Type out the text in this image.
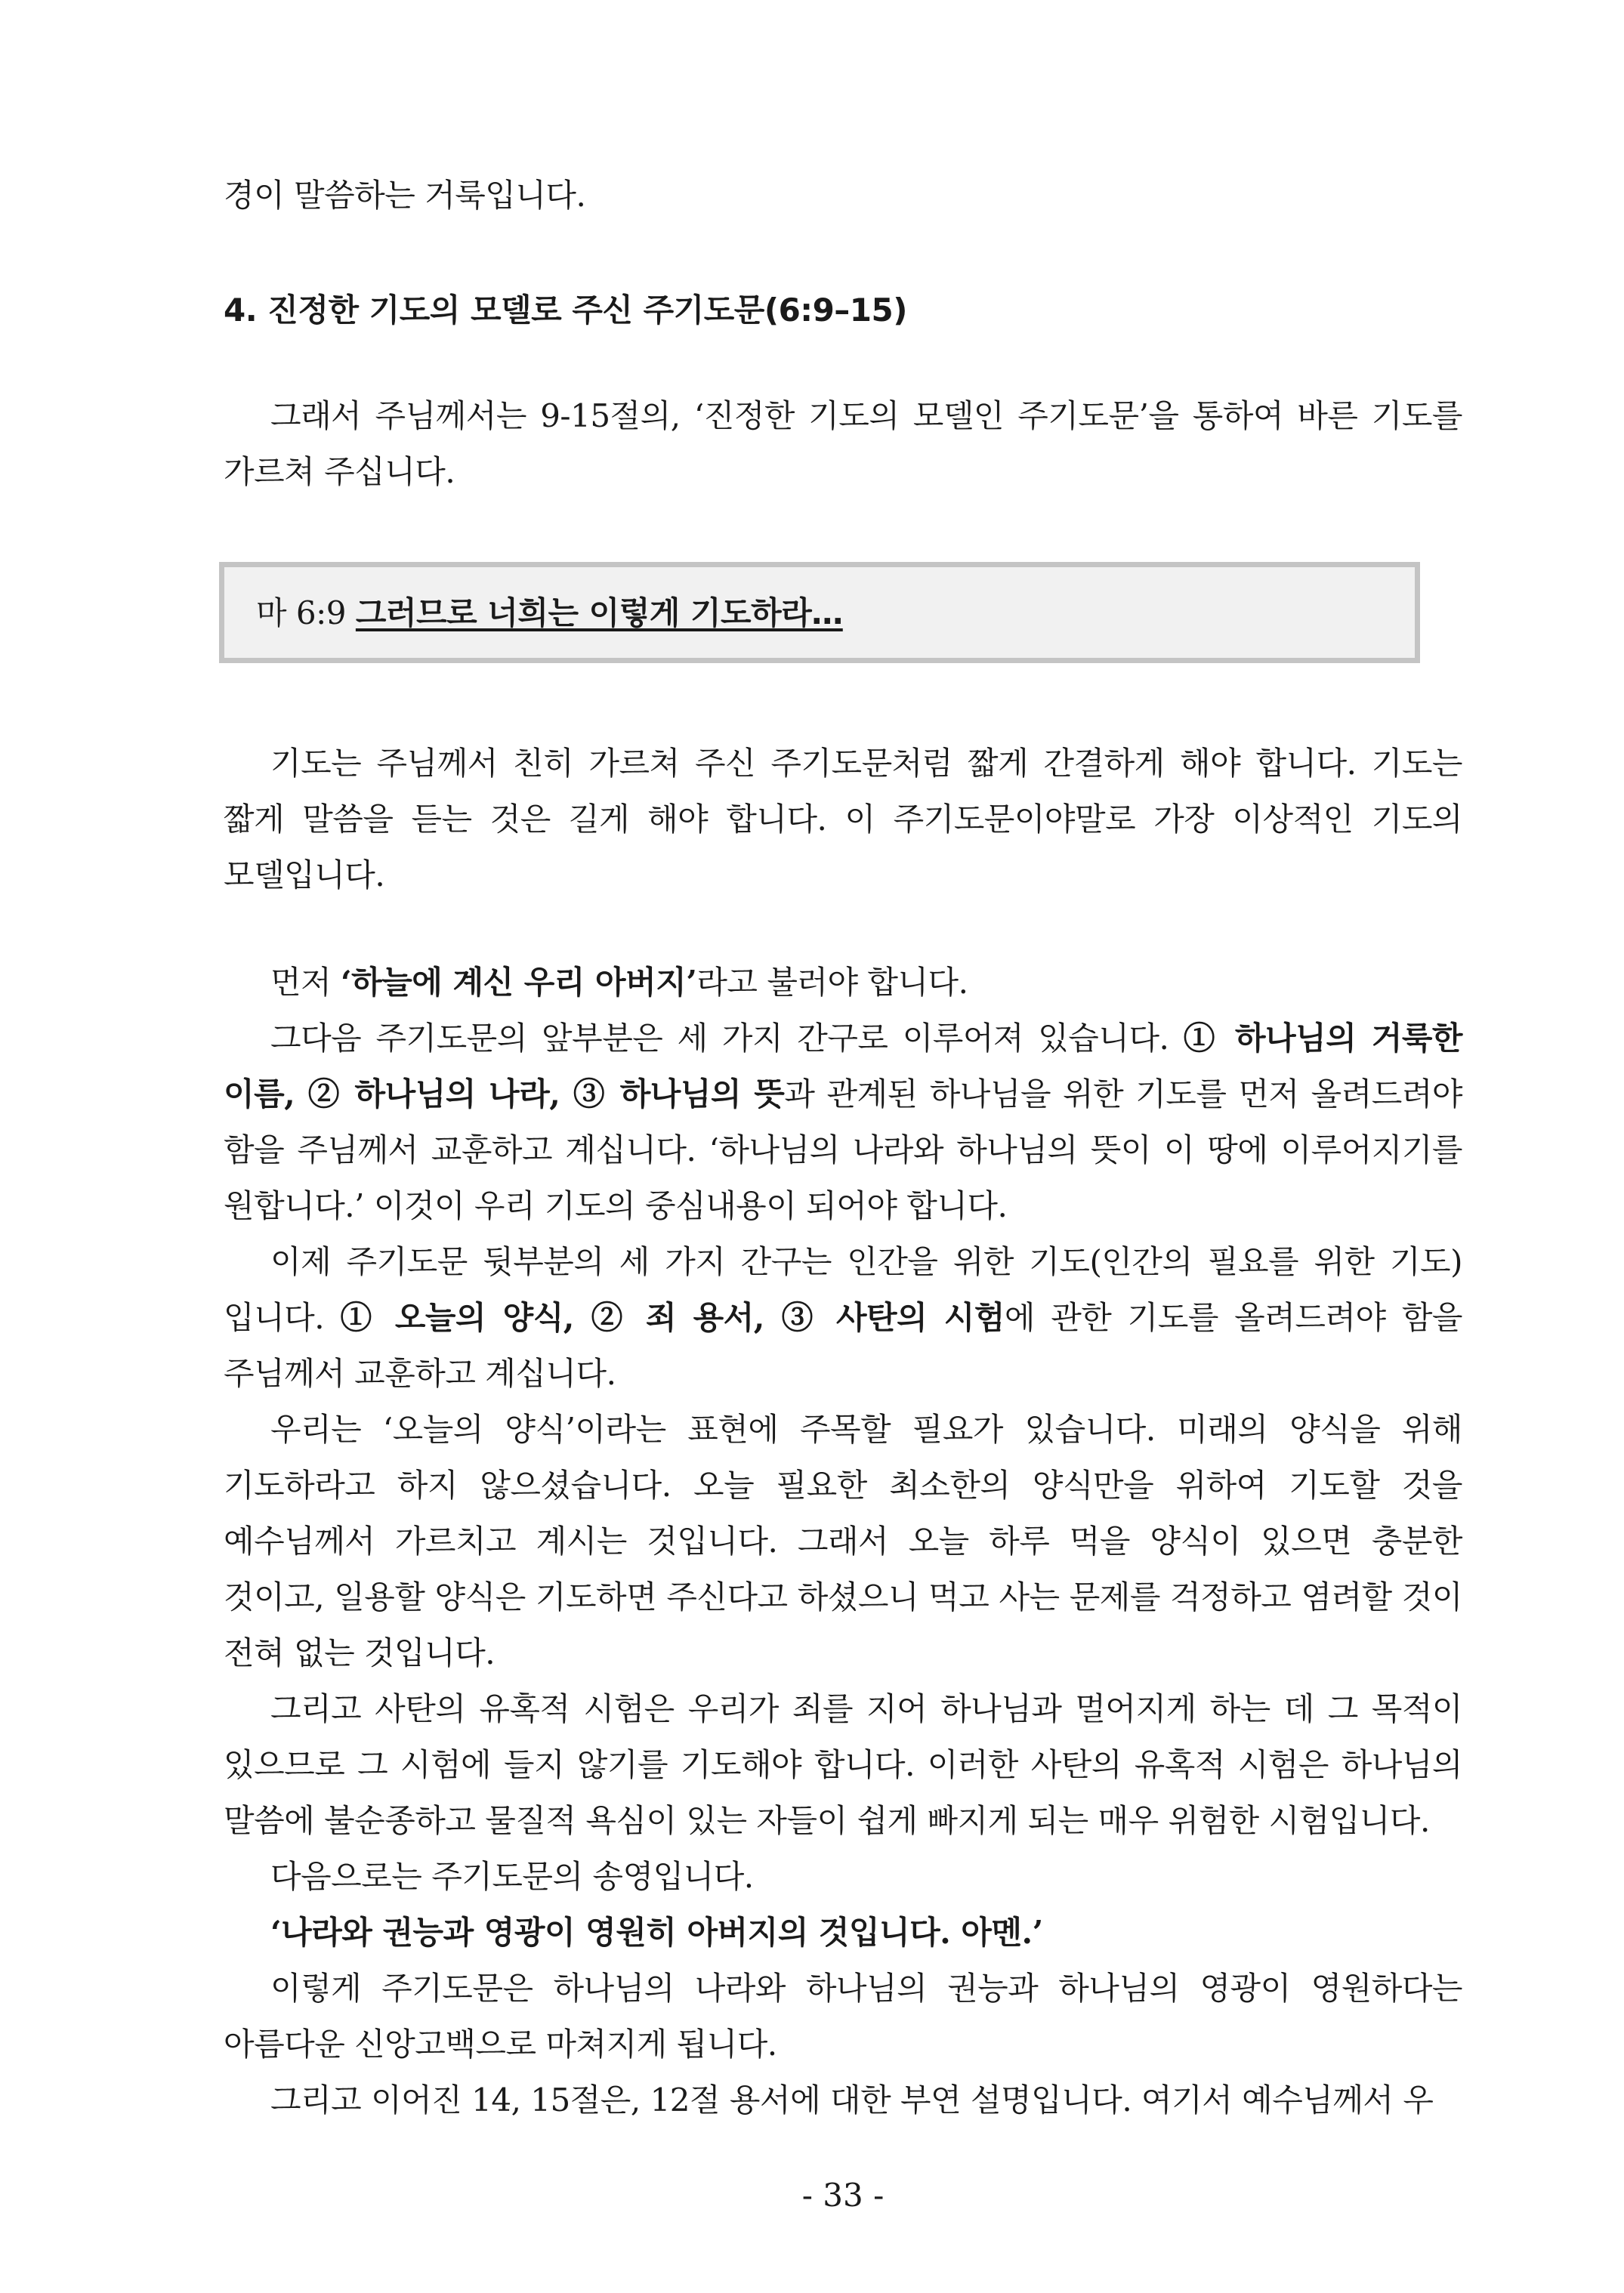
경이 말씀하는 거룩입니다.
4. 진정한 기도의 모델로 주신 주기도문(6:9–15)
그래서 주님께서는 9-15절의, ‘진정한 기도의 모델인 주기도문’을 통하여 바른 기도를 가르쳐 주십니다.
마 6:9 그러므로 너희는 이렇게 기도하라…
기도는 주님께서 친히 가르쳐 주신 주기도문처럼 짧게 간결하게 해야 합니다. 기도는 짧게 말씀을 듣는 것은 길게 해야 합니다. 이 주기도문이야말로 가장 이상적인 기도의 모델입니다.
먼저 ‘하늘에 계신 우리 아버지’라고 불러야 합니다.
그다음 주기도문의 앞부분은 세 가지 간구로 이루어져 있습니다. ① 하나님의 거룩한 이름, ② 하나님의 나라, ③ 하나님의 뜻과 관계된 하나님을 위한 기도를 먼저 올려드려야 함을 주님께서 교훈하고 계십니다. ‘하나님의 나라와 하나님의 뜻이 이 땅에 이루어지기를 원합니다.’ 이것이 우리 기도의 중심내용이 되어야 합니다.
이제 주기도문 뒷부분의 세 가지 간구는 인간을 위한 기도(인간의 필요를 위한 기도)입니다. ① 오늘의 양식, ② 죄 용서, ③ 사탄의 시험에 관한 기도를 올려드려야 함을 주님께서 교훈하고 계십니다.
우리는 ‘오늘의 양식’이라는 표현에 주목할 필요가 있습니다. 미래의 양식을 위해 기도하라고 하지 않으셨습니다. 오늘 필요한 최소한의 양식만을 위하여 기도할 것을 예수님께서 가르치고 계시는 것입니다. 그래서 오늘 하루 먹을 양식이 있으면 충분한 것이고, 일용할 양식은 기도하면 주신다고 하셨으니 먹고 사는 문제를 걱정하고 염려할 것이 전혀 없는 것입니다.
그리고 사탄의 유혹적 시험은 우리가 죄를 지어 하나님과 멀어지게 하는 데 그 목적이 있으므로 그 시험에 들지 않기를 기도해야 합니다. 이러한 사탄의 유혹적 시험은 하나님의 말씀에 불순종하고 물질적 욕심이 있는 자들이 쉽게 빠지게 되는 매우 위험한 시험입니다.
다음으로는 주기도문의 송영입니다.
‘나라와 권능과 영광이 영원히 아버지의 것입니다. 아멘.’
이렇게 주기도문은 하나님의 나라와 하나님의 권능과 하나님의 영광이 영원하다는 아름다운 신앙고백으로 마쳐지게 됩니다.
그리고 이어진 14, 15절은, 12절 용서에 대한 부연 설명입니다. 여기서 예수님께서 우
- 33 -
